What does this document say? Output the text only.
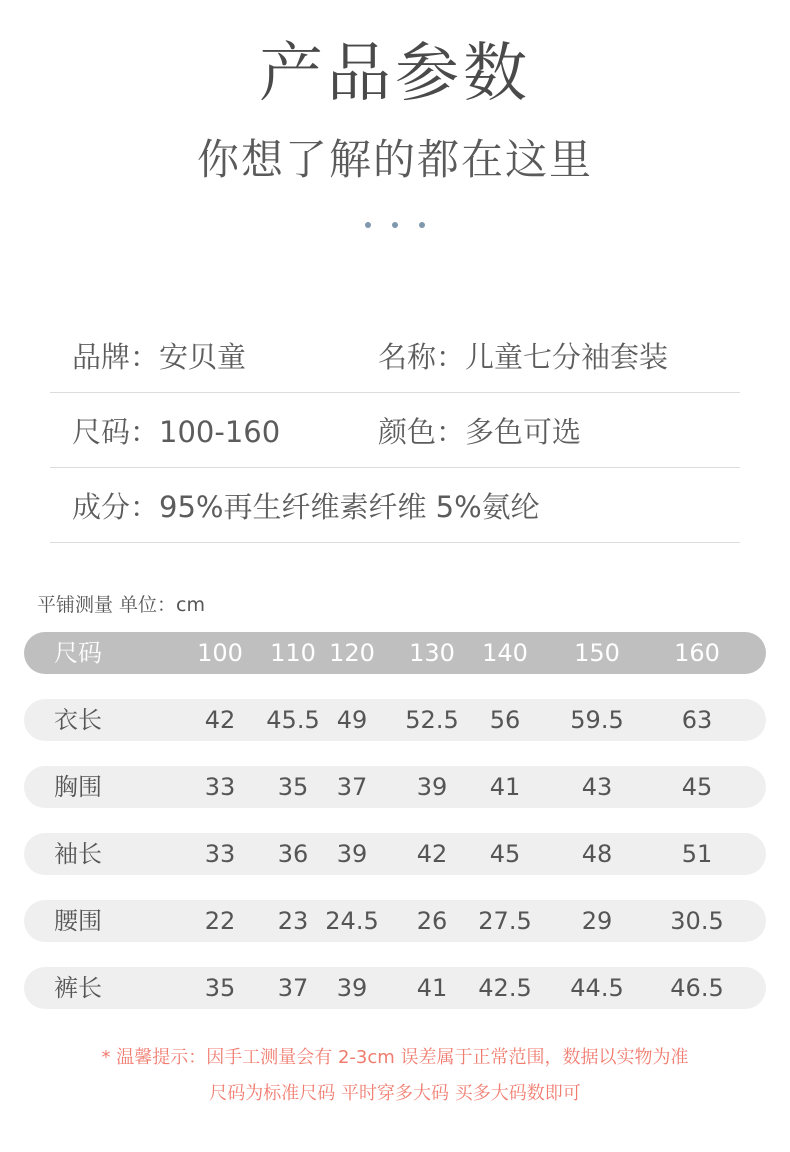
产品参数
你想了解的都在这里
品牌：安贝童	名称：儿童七分袖套装
尺码：100-160	颜色：多色可选
成分：95%再生纤维素纤维 5%氨纶
平铺测量 单位：cm
尺码	100 110 120 130 140 150 160
衣长	42	45.5 49	52.5	56	59.5	63
胸围	33	35	37	39	41	43	45
袖长	33	36	39	42	45	48	51
腰围	22	23 24.5	26	27.5	29	30.5
裤长	35	37	39	41	42.5 44.5 46.5
* 温馨提示：因手工测量会有 2-3cm 误差属于正常范围，数据以实物为准
尺码为标准尺码 平时穿多大码 买多大码数即可
